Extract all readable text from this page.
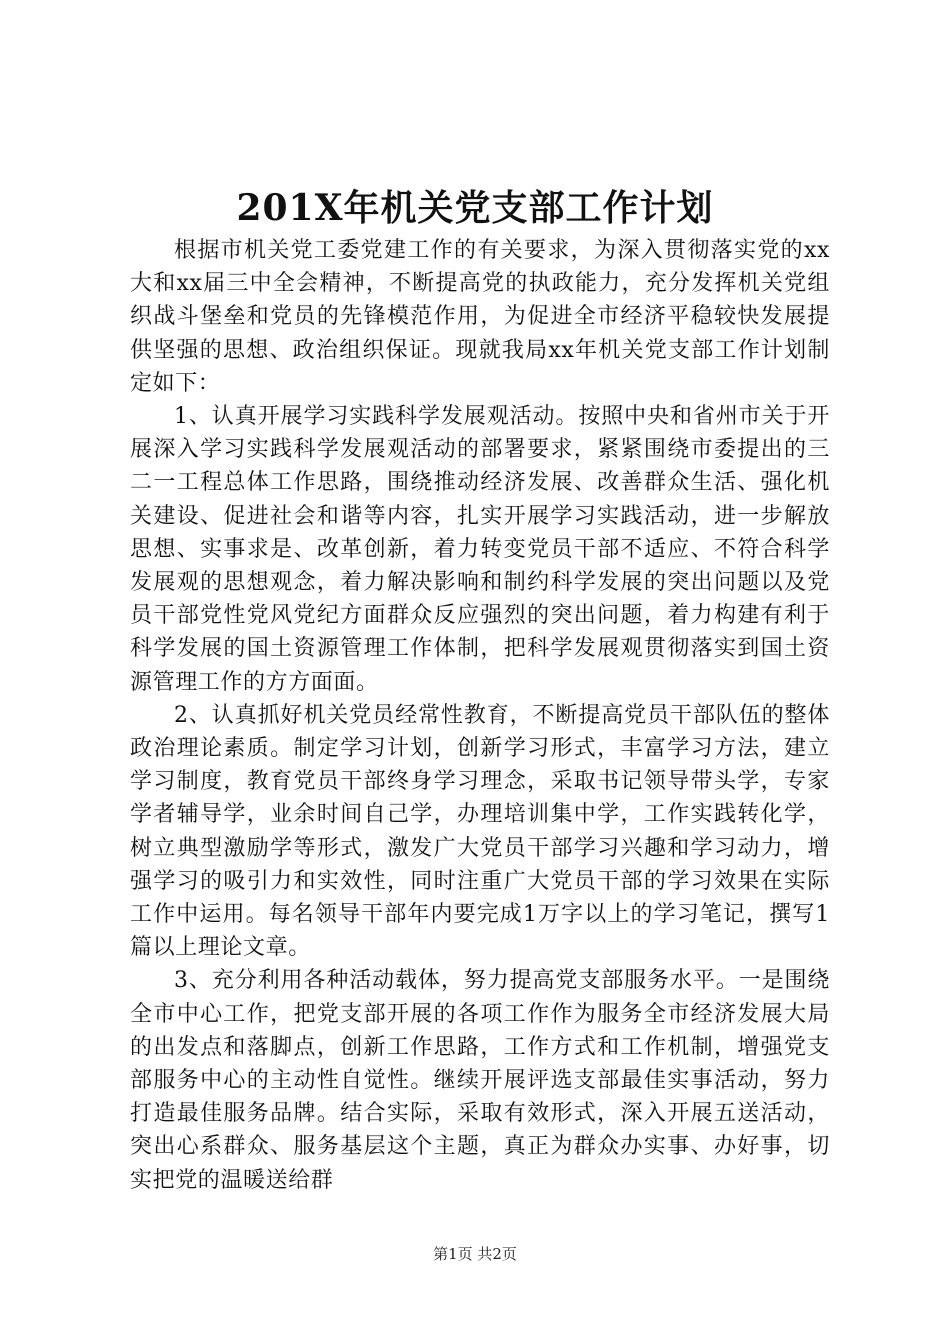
201X年机关党支部工作计划

根据市机关党工委党建工作的有关要求，为深入贯彻落实党的xx大和xx届三中全会精神，不断提高党的执政能力，充分发挥机关党组织战斗堡垒和党员的先锋模范作用，为促进全市经济平稳较快发展提供坚强的思想、政治组织保证。现就我局xx年机关党支部工作计划制定如下：

1、认真开展学习实践科学发展观活动。按照中央和省州市关于开展深入学习实践科学发展观活动的部署要求，紧紧围绕市委提出的三二一工程总体工作思路，围绕推动经济发展、改善群众生活、强化机关建设、促进社会和谐等内容，扎实开展学习实践活动，进一步解放思想、实事求是、改革创新，着力转变党员干部不适应、不符合科学发展观的思想观念，着力解决影响和制约科学发展的突出问题以及党员干部党性党风党纪方面群众反应强烈的突出问题，着力构建有利于科学发展的国土资源管理工作体制，把科学发展观贯彻落实到国土资源管理工作的方方面面。

2、认真抓好机关党员经常性教育，不断提高党员干部队伍的整体政治理论素质。制定学习计划，创新学习形式，丰富学习方法，建立学习制度，教育党员干部终身学习理念，采取书记领导带头学，专家学者辅导学，业余时间自己学，办理培训集中学，工作实践转化学，树立典型激励学等形式，激发广大党员干部学习兴趣和学习动力，增强学习的吸引力和实效性，同时注重广大党员干部的学习效果在实际工作中运用。每名领导干部年内要完成1万字以上的学习笔记，撰写1篇以上理论文章。

3、充分利用各种活动载体，努力提高党支部服务水平。一是围绕全市中心工作，把党支部开展的各项工作作为服务全市经济发展大局的出发点和落脚点，创新工作思路，工作方式和工作机制，增强党支部服务中心的主动性自觉性。继续开展评选支部最佳实事活动，努力打造最佳服务品牌。结合实际，采取有效形式，深入开展五送活动，突出心系群众、服务基层这个主题，真正为群众办实事、办好事，切实把党的温暖送给群

第1页 共2页
